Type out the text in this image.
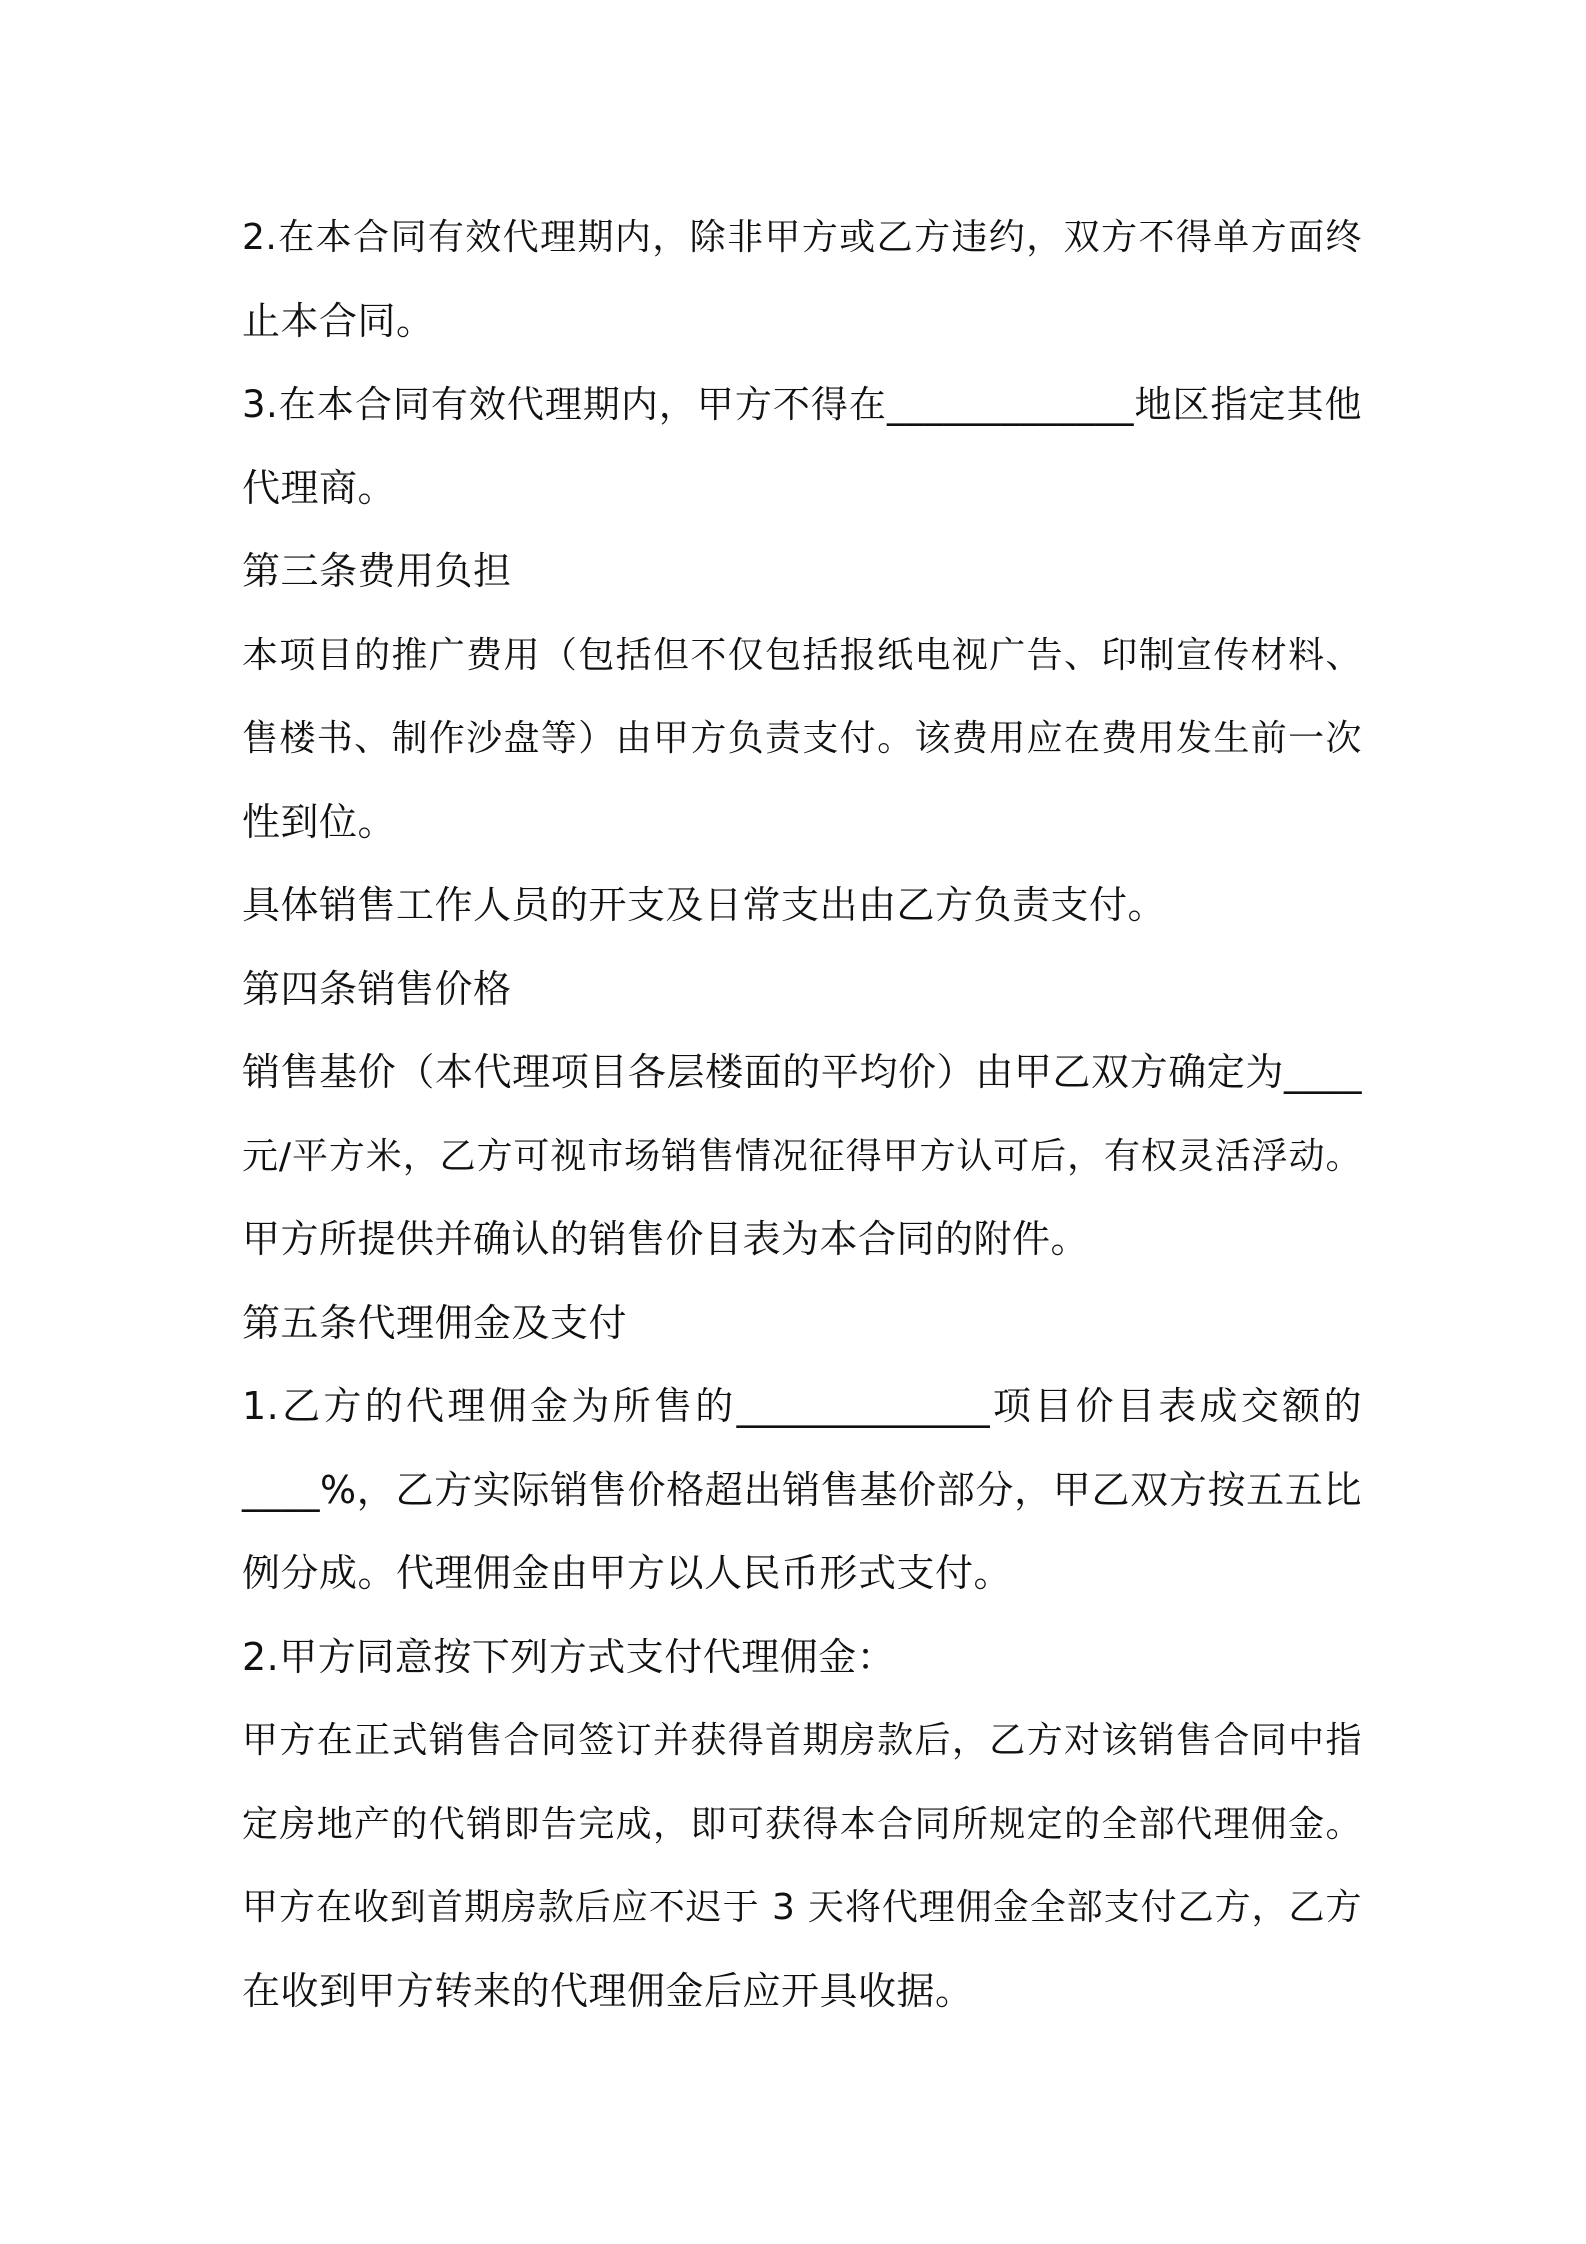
2.在本合同有效代理期内，除非甲方或乙方违约，双方不得单方面终
止本合同。
3.在本合同有效代理期内，甲方不得在_____________地区指定其他
代理商。
第三条费用负担
本项目的推广费用（包括但不仅包括报纸电视广告、印制宣传材料、
售楼书、制作沙盘等）由甲方负责支付。该费用应在费用发生前一次
性到位。
具体销售工作人员的开支及日常支出由乙方负责支付。
第四条销售价格
销售基价（本代理项目各层楼面的平均价）由甲乙双方确定为____
元/平方米，乙方可视市场销售情况征得甲方认可后，有权灵活浮动。
甲方所提供并确认的销售价目表为本合同的附件。
第五条代理佣金及支付
1.乙方的代理佣金为所售的_____________项目价目表成交额的
____%，乙方实际销售价格超出销售基价部分，甲乙双方按五五比
例分成。代理佣金由甲方以人民币形式支付。
2.甲方同意按下列方式支付代理佣金：
甲方在正式销售合同签订并获得首期房款后，乙方对该销售合同中指
定房地产的代销即告完成，即可获得本合同所规定的全部代理佣金。
甲方在收到首期房款后应不迟于 3 天将代理佣金全部支付乙方，乙方
在收到甲方转来的代理佣金后应开具收据。
